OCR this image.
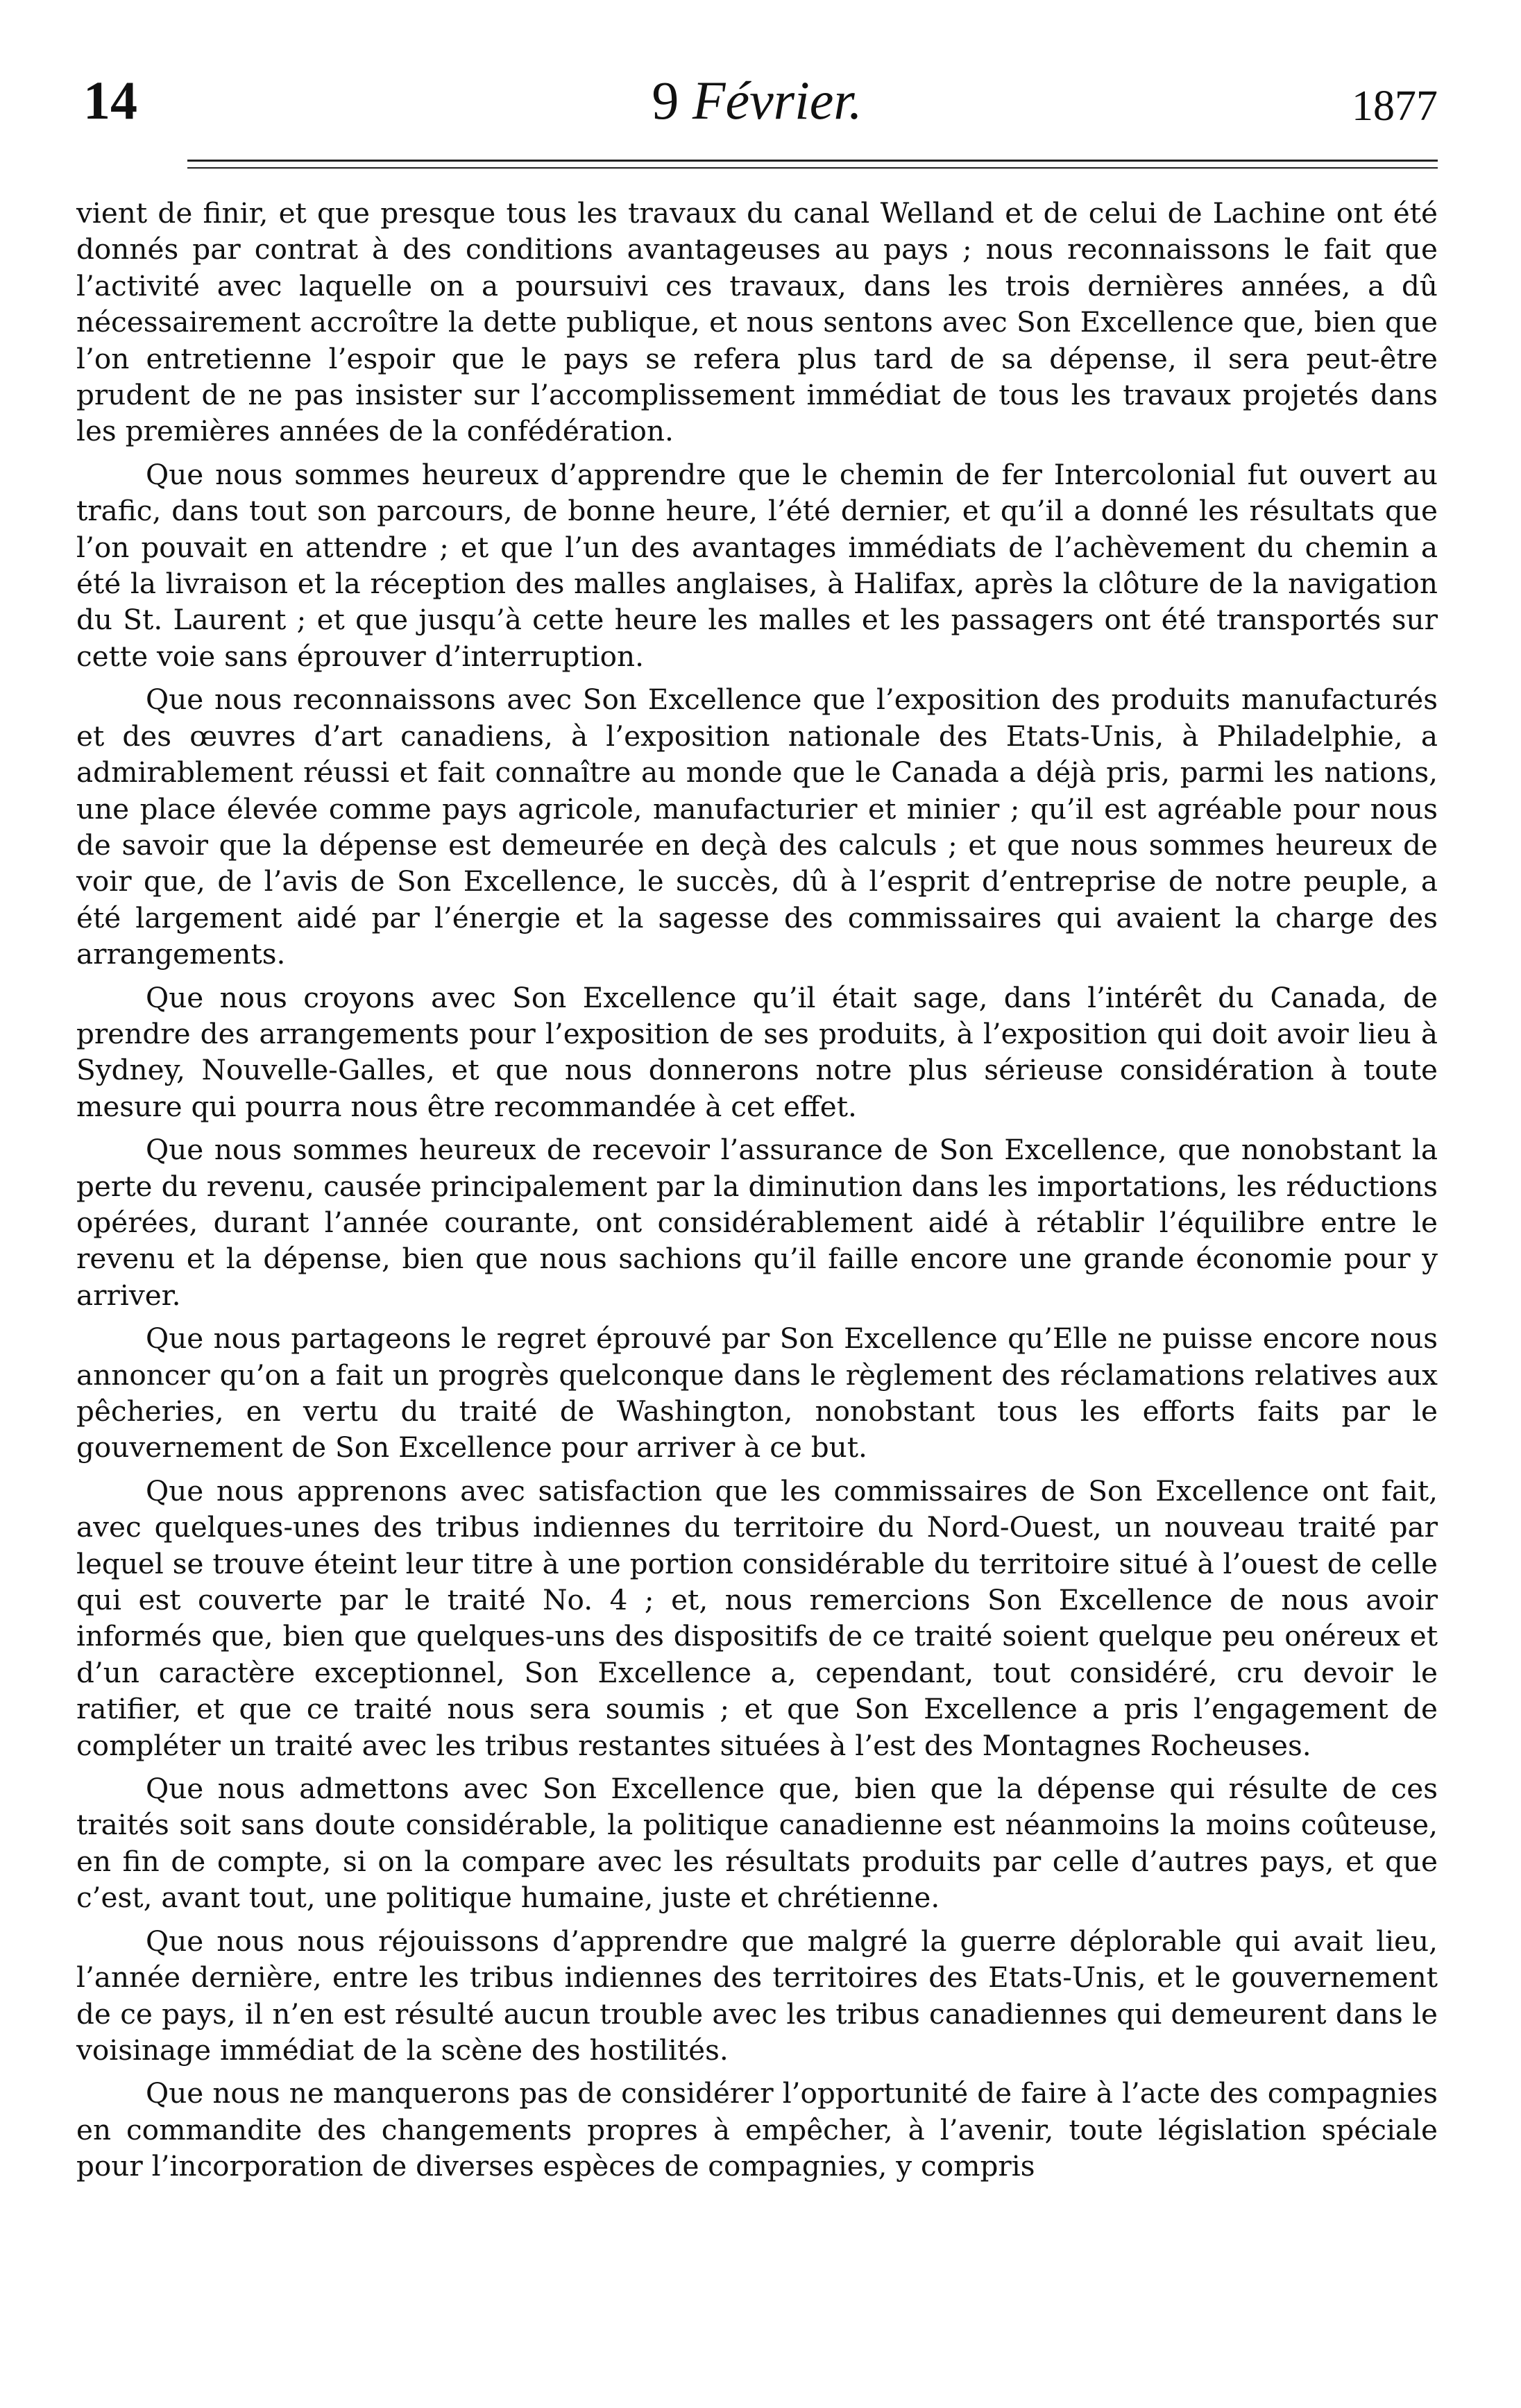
14	9 Février.	1877

vient de finir, et que presque tous les travaux du canal Welland et de celui de Lachine ont été donnés par contrat à des conditions avantageuses au pays ; nous reconnaissons le fait que l’activité avec laquelle on a poursuivi ces travaux, dans les trois dernières années, a dû nécessairement accroître la dette publique, et nous sentons avec Son Excellence que, bien que l’on entretienne l’espoir que le pays se refera plus tard de sa dépense, il sera peut-être prudent de ne pas insister sur l’accomplissement immédiat de tous les travaux projetés dans les premières années de la confédération.

Que nous sommes heureux d’apprendre que le chemin de fer Intercolonial fut ouvert au trafic, dans tout son parcours, de bonne heure, l’été dernier, et qu’il a donné les résultats que l’on pouvait en attendre ; et que l’un des avantages immédiats de l’achèvement du chemin a été la livraison et la réception des malles anglaises, à Halifax, après la clôture de la navigation du St. Laurent ; et que jusqu’à cette heure les malles et les passagers ont été transportés sur cette voie sans éprouver d’interruption.

Que nous reconnaissons avec Son Excellence que l’exposition des produits manufacturés et des œuvres d’art canadiens, à l’exposition nationale des Etats-Unis, à Philadelphie, a admirablement réussi et fait connaître au monde que le Canada a déjà pris, parmi les nations, une place élevée comme pays agricole, manufacturier et minier ; qu’il est agréable pour nous de savoir que la dépense est demeurée en deçà des calculs ; et que nous sommes heureux de voir que, de l’avis de Son Excellence, le succès, dû à l’esprit d’entreprise de notre peuple, a été largement aidé par l’énergie et la sagesse des commissaires qui avaient la charge des arrangements.

Que nous croyons avec Son Excellence qu’il était sage, dans l’intérêt du Canada, de prendre des arrangements pour l’exposition de ses produits, à l’exposition qui doit avoir lieu à Sydney, Nouvelle-Galles, et que nous donnerons notre plus sérieuse considération à toute mesure qui pourra nous être recommandée à cet effet.

Que nous sommes heureux de recevoir l’assurance de Son Excellence, que nonobstant la perte du revenu, causée principalement par la diminution dans les importations, les réductions opérées, durant l’année courante, ont considérablement aidé à rétablir l’équilibre entre le revenu et la dépense, bien que nous sachions qu’il faille encore une grande économie pour y arriver.

Que nous partageons le regret éprouvé par Son Excellence qu’Elle ne puisse encore nous annoncer qu’on a fait un progrès quelconque dans le règlement des réclamations relatives aux pêcheries, en vertu du traité de Washington, nonobstant tous les efforts faits par le gouvernement de Son Excellence pour arriver à ce but.

Que nous apprenons avec satisfaction que les commissaires de Son Excellence ont fait, avec quelques-unes des tribus indiennes du territoire du Nord-Ouest, un nouveau traité par lequel se trouve éteint leur titre à une portion considérable du territoire situé à l’ouest de celle qui est couverte par le traité No. 4 ; et, nous remercions Son Excellence de nous avoir informés que, bien que quelques-uns des dispositifs de ce traité soient quelque peu onéreux et d’un caractère exceptionnel, Son Excellence a, cependant, tout considéré, cru devoir le ratifier, et que ce traité nous sera soumis ; et que Son Excellence a pris l’engagement de compléter un traité avec les tribus restantes situées à l’est des Montagnes Rocheuses.

Que nous admettons avec Son Excellence que, bien que la dépense qui résulte de ces traités soit sans doute considérable, la politique canadienne est néanmoins la moins coûteuse, en fin de compte, si on la compare avec les résultats produits par celle d’autres pays, et que c’est, avant tout, une politique humaine, juste et chrétienne.

Que nous nous réjouissons d’apprendre que malgré la guerre déplorable qui avait lieu, l’année dernière, entre les tribus indiennes des territoires des Etats-Unis, et le gouvernement de ce pays, il n’en est résulté aucun trouble avec les tribus canadiennes qui demeurent dans le voisinage immédiat de la scène des hostilités.

Que nous ne manquerons pas de considérer l’opportunité de faire à l’acte des compagnies en commandite des changements propres à empêcher, à l’avenir, toute législation spéciale pour l’incorporation de diverses espèces de compagnies, y compris
